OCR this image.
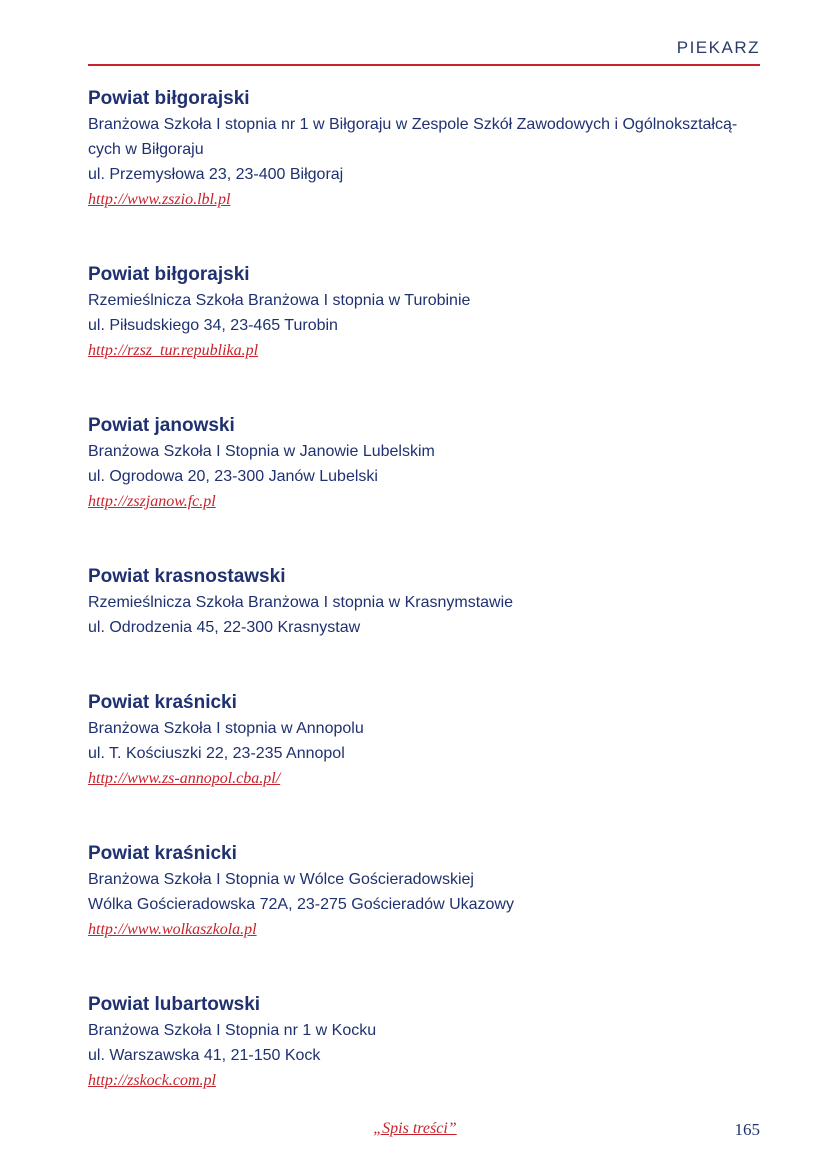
PIEKARZ
Powiat biłgorajski
Branżowa Szkoła I stopnia nr 1 w Biłgoraju w Zespole Szkół Zawodowych i Ogólnokształcą-
cych w Biłgoraju
ul. Przemysłowa 23, 23-400 Biłgoraj
http://www.zszio.lbl.pl
Powiat biłgorajski
Rzemieślnicza Szkoła Branżowa I stopnia w Turobinie
ul. Piłsudskiego 34, 23-465 Turobin
http://rzsz_tur.republika.pl
Powiat janowski
Branżowa Szkoła I Stopnia w Janowie Lubelskim
ul. Ogrodowa 20, 23-300 Janów Lubelski
http://zszjanow.fc.pl
Powiat krasnostawski
Rzemieślnicza Szkoła Branżowa I stopnia w Krasnymstawie
ul. Odrodzenia 45, 22-300 Krasnystaw
Powiat kraśnicki
Branżowa Szkoła I stopnia w Annopolu
ul. T. Kościuszki 22, 23-235 Annopol
http://www.zs-annopol.cba.pl/
Powiat kraśnicki
Branżowa Szkoła I Stopnia w Wólce Gościeradowskiej
Wólka Gościeradowska 72A, 23-275 Gościeradów Ukazowy
http://www.wolkaszkola.pl
Powiat lubartowski
Branżowa Szkoła I Stopnia nr 1 w Kocku
ul. Warszawska 41, 21-150 Kock
http://zskock.com.pl
„Spis treści”	165
